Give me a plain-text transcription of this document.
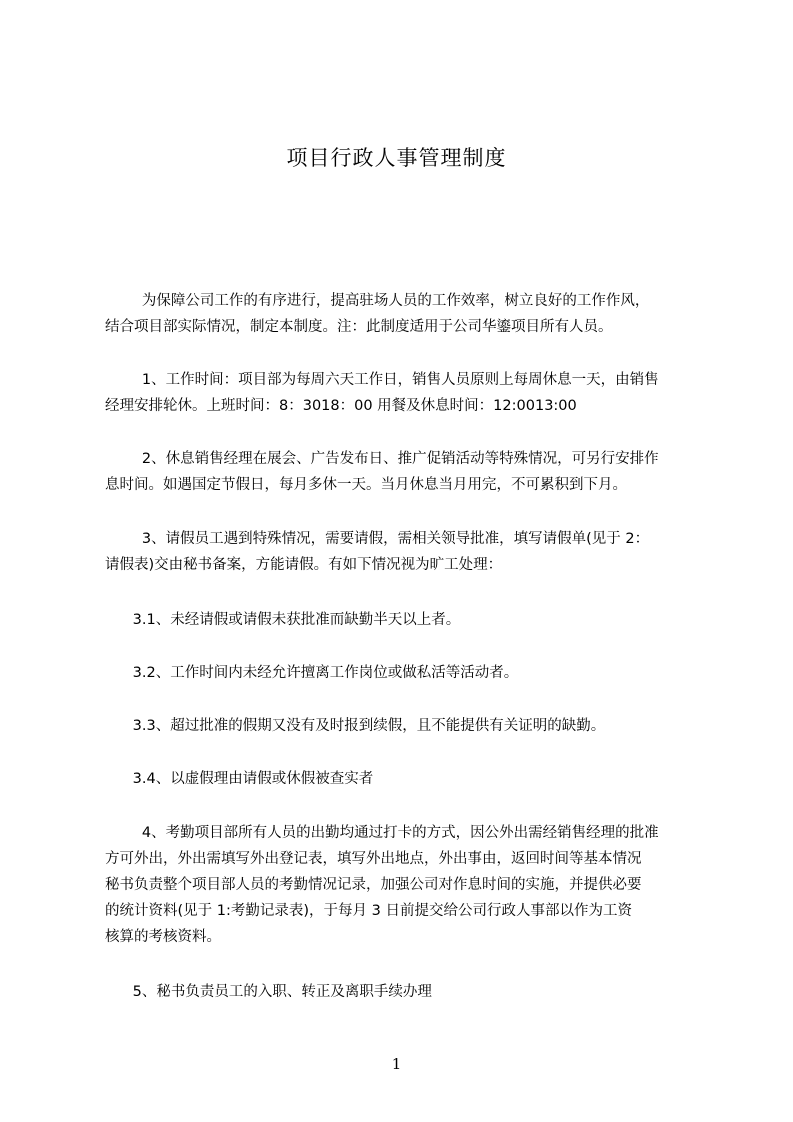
项目行政人事管理制度
为保障公司工作的有序进行，提高驻场人员的工作效率，树立良好的工作作风，
结合项目部实际情况，制定本制度。注：此制度适用于公司华鎏项目所有人员。
1、工作时间：项目部为每周六天工作日，销售人员原则上每周休息一天，由销售
经理安排轮休。上班时间：8：3018：00 用餐及休息时间：12:0013:00
2、休息销售经理在展会、广告发布日、推广促销活动等特殊情况，可另行安排作
息时间。如遇国定节假日，每月多休一天。当月休息当月用完，不可累积到下月。
3、请假员工遇到特殊情况，需要请假，需相关领导批准，填写请假单(见于 2：
请假表)交由秘书备案，方能请假。有如下情况视为旷工处理：
3.1、未经请假或请假未获批准而缺勤半天以上者。
3.2、工作时间内未经允许擅离工作岗位或做私活等活动者。
3.3、超过批准的假期又没有及时报到续假，且不能提供有关证明的缺勤。
3.4、以虚假理由请假或休假被查实者
4、考勤项目部所有人员的出勤均通过打卡的方式，因公外出需经销售经理的批准
方可外出，外出需填写外出登记表，填写外出地点，外出事由，返回时间等基本情况
秘书负责整个项目部人员的考勤情况记录，加强公司对作息时间的实施，并提供必要
的统计资料(见于 1:考勤记录表)，于每月 3 日前提交给公司行政人事部以作为工资
核算的考核资料。
5、秘书负责员工的入职、转正及离职手续办理
1
